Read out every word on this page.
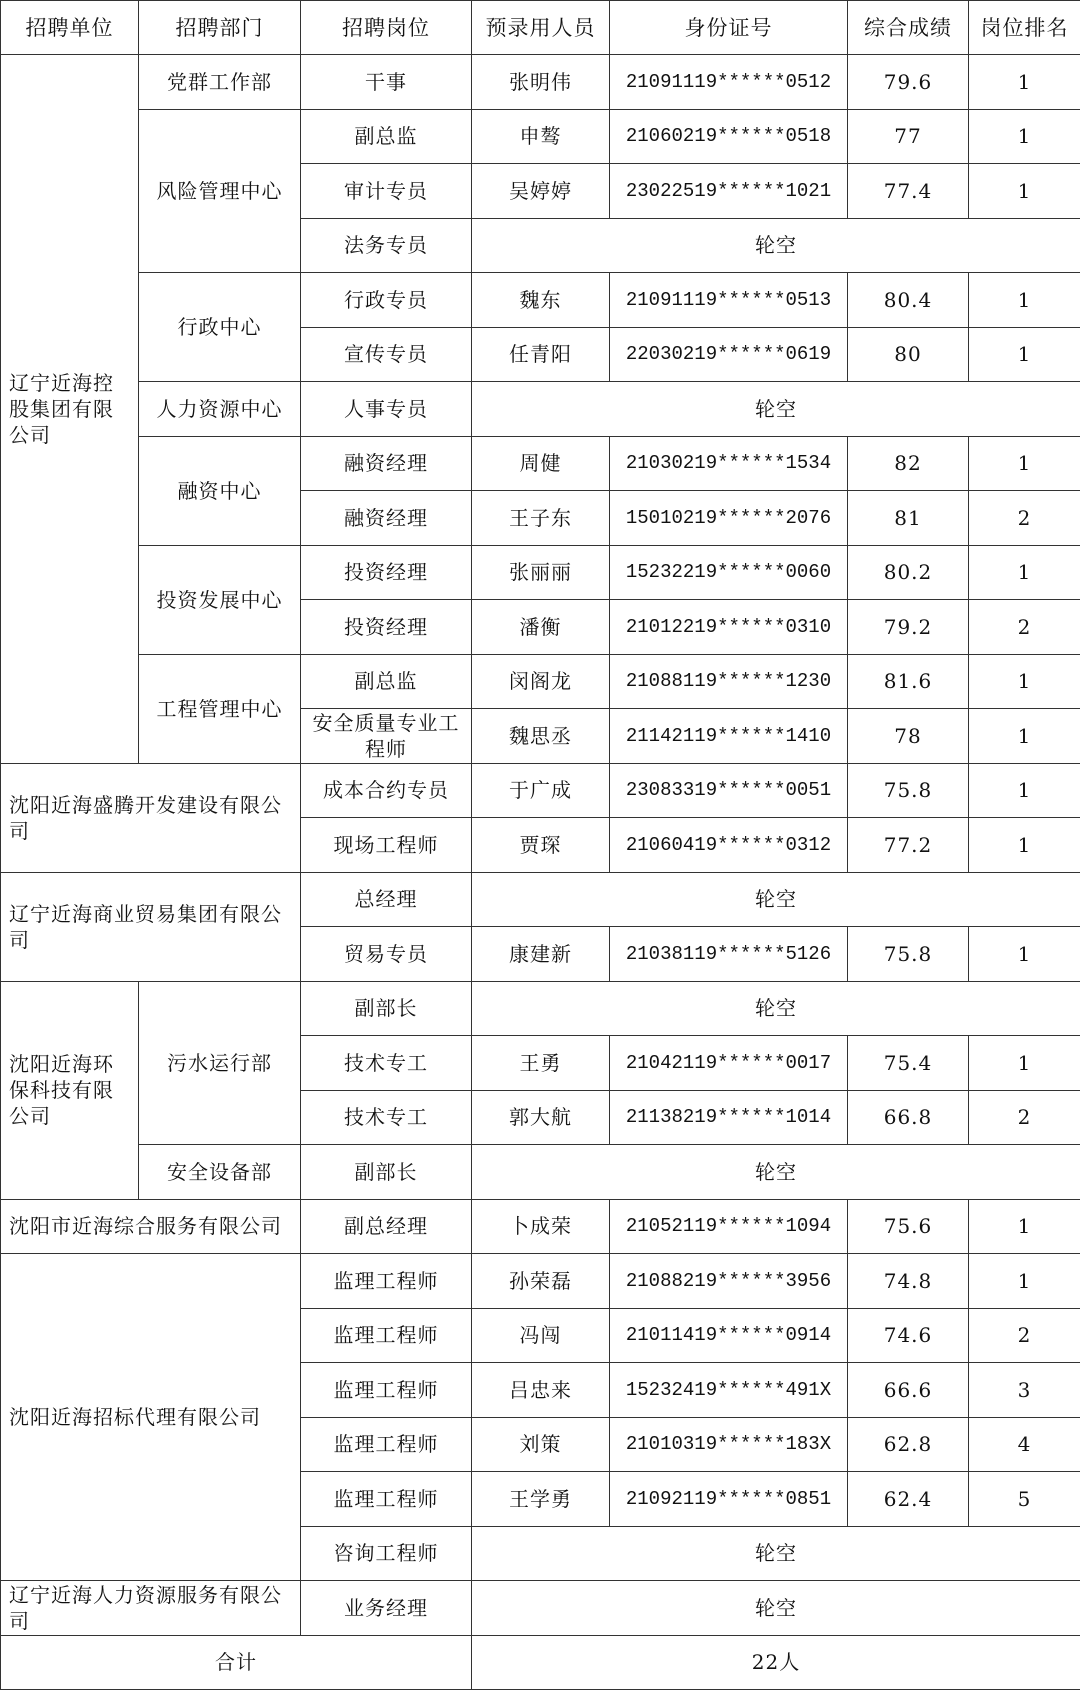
招聘单位	招聘部门	招聘岗位	预录用人员	身份证号	综合成绩	岗位排名
辽宁近海控股集团有限公司	党群工作部	干事	张明伟	21091119******0512	79.6	1
	风险管理中心	副总监	申骜	21060219******0518	77	1
		审计专员	吴婷婷	23022519******1021	77.4	1
		法务专员	轮空			
	行政中心	行政专员	魏东	21091119******0513	80.4	1
		宣传专员	任青阳	22030219******0619	80	1
	人力资源中心	人事专员	轮空			
	融资中心	融资经理	周健	21030219******1534	82	1
		融资经理	王子东	15010219******2076	81	2
	投资发展中心	投资经理	张丽丽	15232219******0060	80.2	1
		投资经理	潘衡	21012219******0310	79.2	2
	工程管理中心	副总监	闵阁龙	21088119******1230	81.6	1
		安全质量专业工程师	魏思丞	21142119******1410	78	1
沈阳近海盛腾开发建设有限公司		成本合约专员	于广成	23083319******0051	75.8	1
		现场工程师	贾琛	21060419******0312	77.2	1
辽宁近海商业贸易集团有限公司		总经理	轮空			
		贸易专员	康建新	21038119******5126	75.8	1
沈阳近海环保科技有限公司	污水运行部	副部长	轮空			
		技术专工	王勇	21042119******0017	75.4	1
		技术专工	郭大航	21138219******1014	66.8	2
	安全设备部	副部长	轮空			
沈阳市近海综合服务有限公司		副总经理	卜成荣	21052119******1094	75.6	1
沈阳近海招标代理有限公司		监理工程师	孙荣磊	21088219******3956	74.8	1
		监理工程师	冯闯	21011419******0914	74.6	2
		监理工程师	吕忠来	15232419******491X	66.6	3
		监理工程师	刘策	21010319******183X	62.8	4
		监理工程师	王学勇	21092119******0851	62.4	5
		咨询工程师	轮空			
辽宁近海人力资源服务有限公司		业务经理	轮空			
合计			22人			
